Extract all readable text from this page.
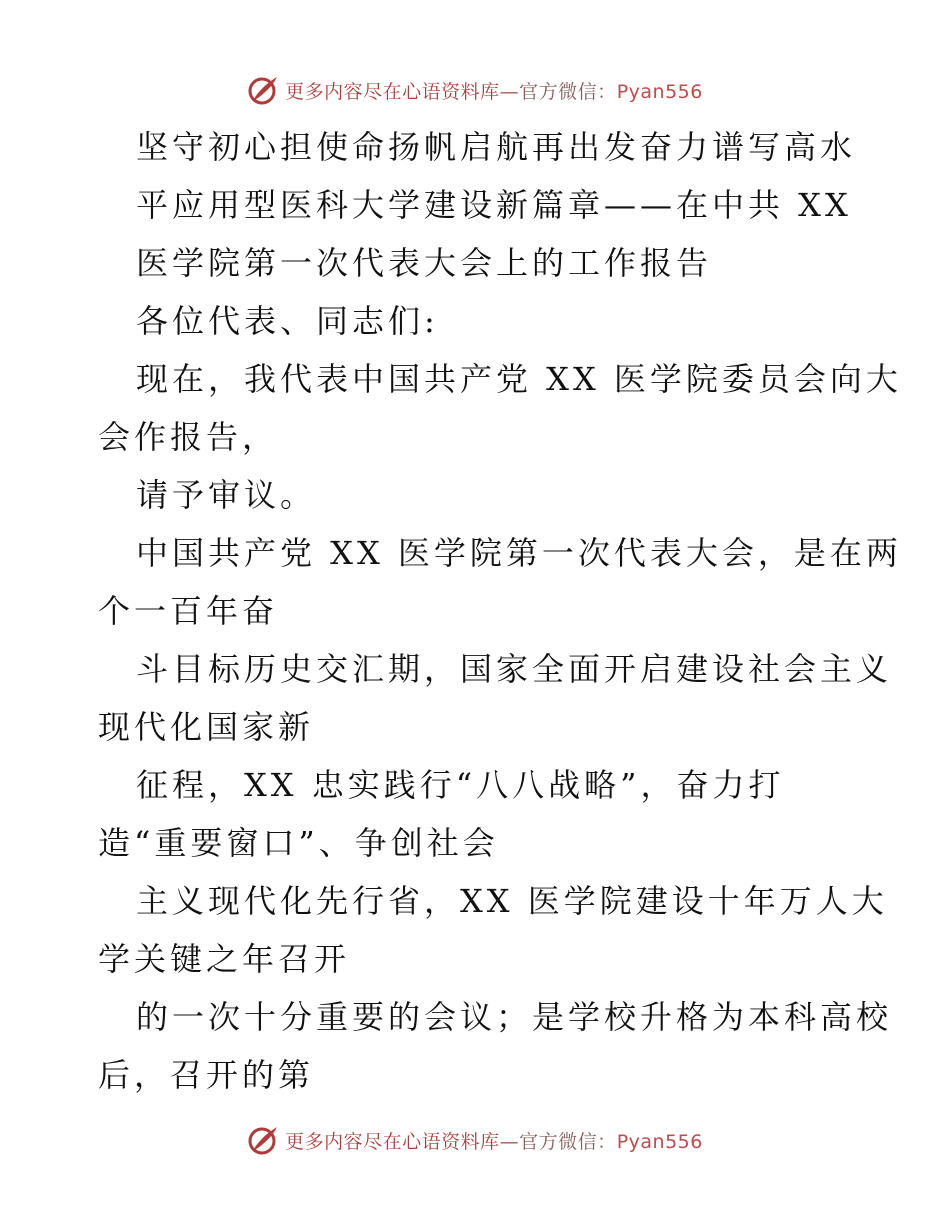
更多内容尽在心语资料库—官方微信：Pyan556
坚守初心担使命扬帆启航再出发奋力谱写高水
平应用型医科大学建设新篇章——在中共 XX
医学院第一次代表大会上的工作报告
各位代表、同志们:
现在，我代表中国共产党 XX 医学院委员会向大
会作报告，
请予审议。
中国共产党 XX 医学院第一次代表大会，是在两
个一百年奋
斗目标历史交汇期，国家全面开启建设社会主义
现代化国家新
征程，XX 忠实践行“八八战略”，奋力打
造“重要窗口”、争创社会
主义现代化先行省，XX 医学院建设十年万人大
学关键之年召开
的一次十分重要的会议；是学校升格为本科高校
后，召开的第
更多内容尽在心语资料库—官方微信：Pyan556
